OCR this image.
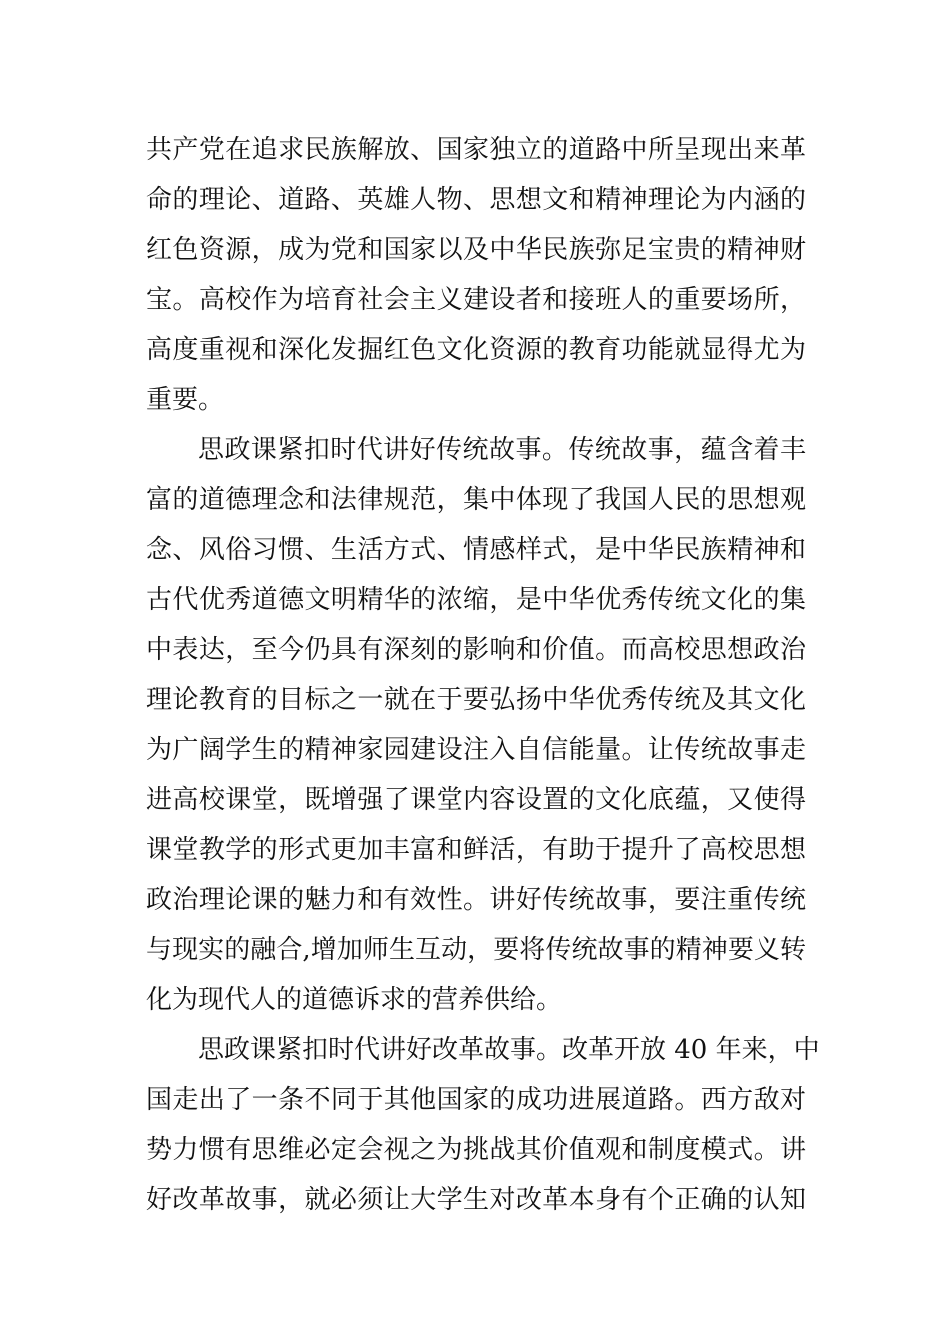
共产党在追求民族解放、国家独立的道路中所呈现出来革
命的理论、道路、英雄人物、思想文和精神理论为内涵的
红色资源，成为党和国家以及中华民族弥足宝贵的精神财
宝。高校作为培育社会主义建设者和接班人的重要场所，
高度重视和深化发掘红色文化资源的教育功能就显得尤为
重要。
思政课紧扣时代讲好传统故事。传统故事，蕴含着丰
富的道德理念和法律规范，集中体现了我国人民的思想观
念、风俗习惯、生活方式、情感样式，是中华民族精神和
古代优秀道德文明精华的浓缩，是中华优秀传统文化的集
中表达，至今仍具有深刻的影响和价值。而高校思想政治
理论教育的目标之一就在于要弘扬中华优秀传统及其文化
为广阔学生的精神家园建设注入自信能量。让传统故事走
进高校课堂，既增强了课堂内容设置的文化底蕴，又使得
课堂教学的形式更加丰富和鲜活，有助于提升了高校思想
政治理论课的魅力和有效性。讲好传统故事，要注重传统
与现实的融合,增加师生互动，要将传统故事的精神要义转
化为现代人的道德诉求的营养供给。
思政课紧扣时代讲好改革故事。改革开放 40 年来，中
国走出了一条不同于其他国家的成功进展道路。西方敌对
势力惯有思维必定会视之为挑战其价值观和制度模式。讲
好改革故事，就必须让大学生对改革本身有个正确的认知
